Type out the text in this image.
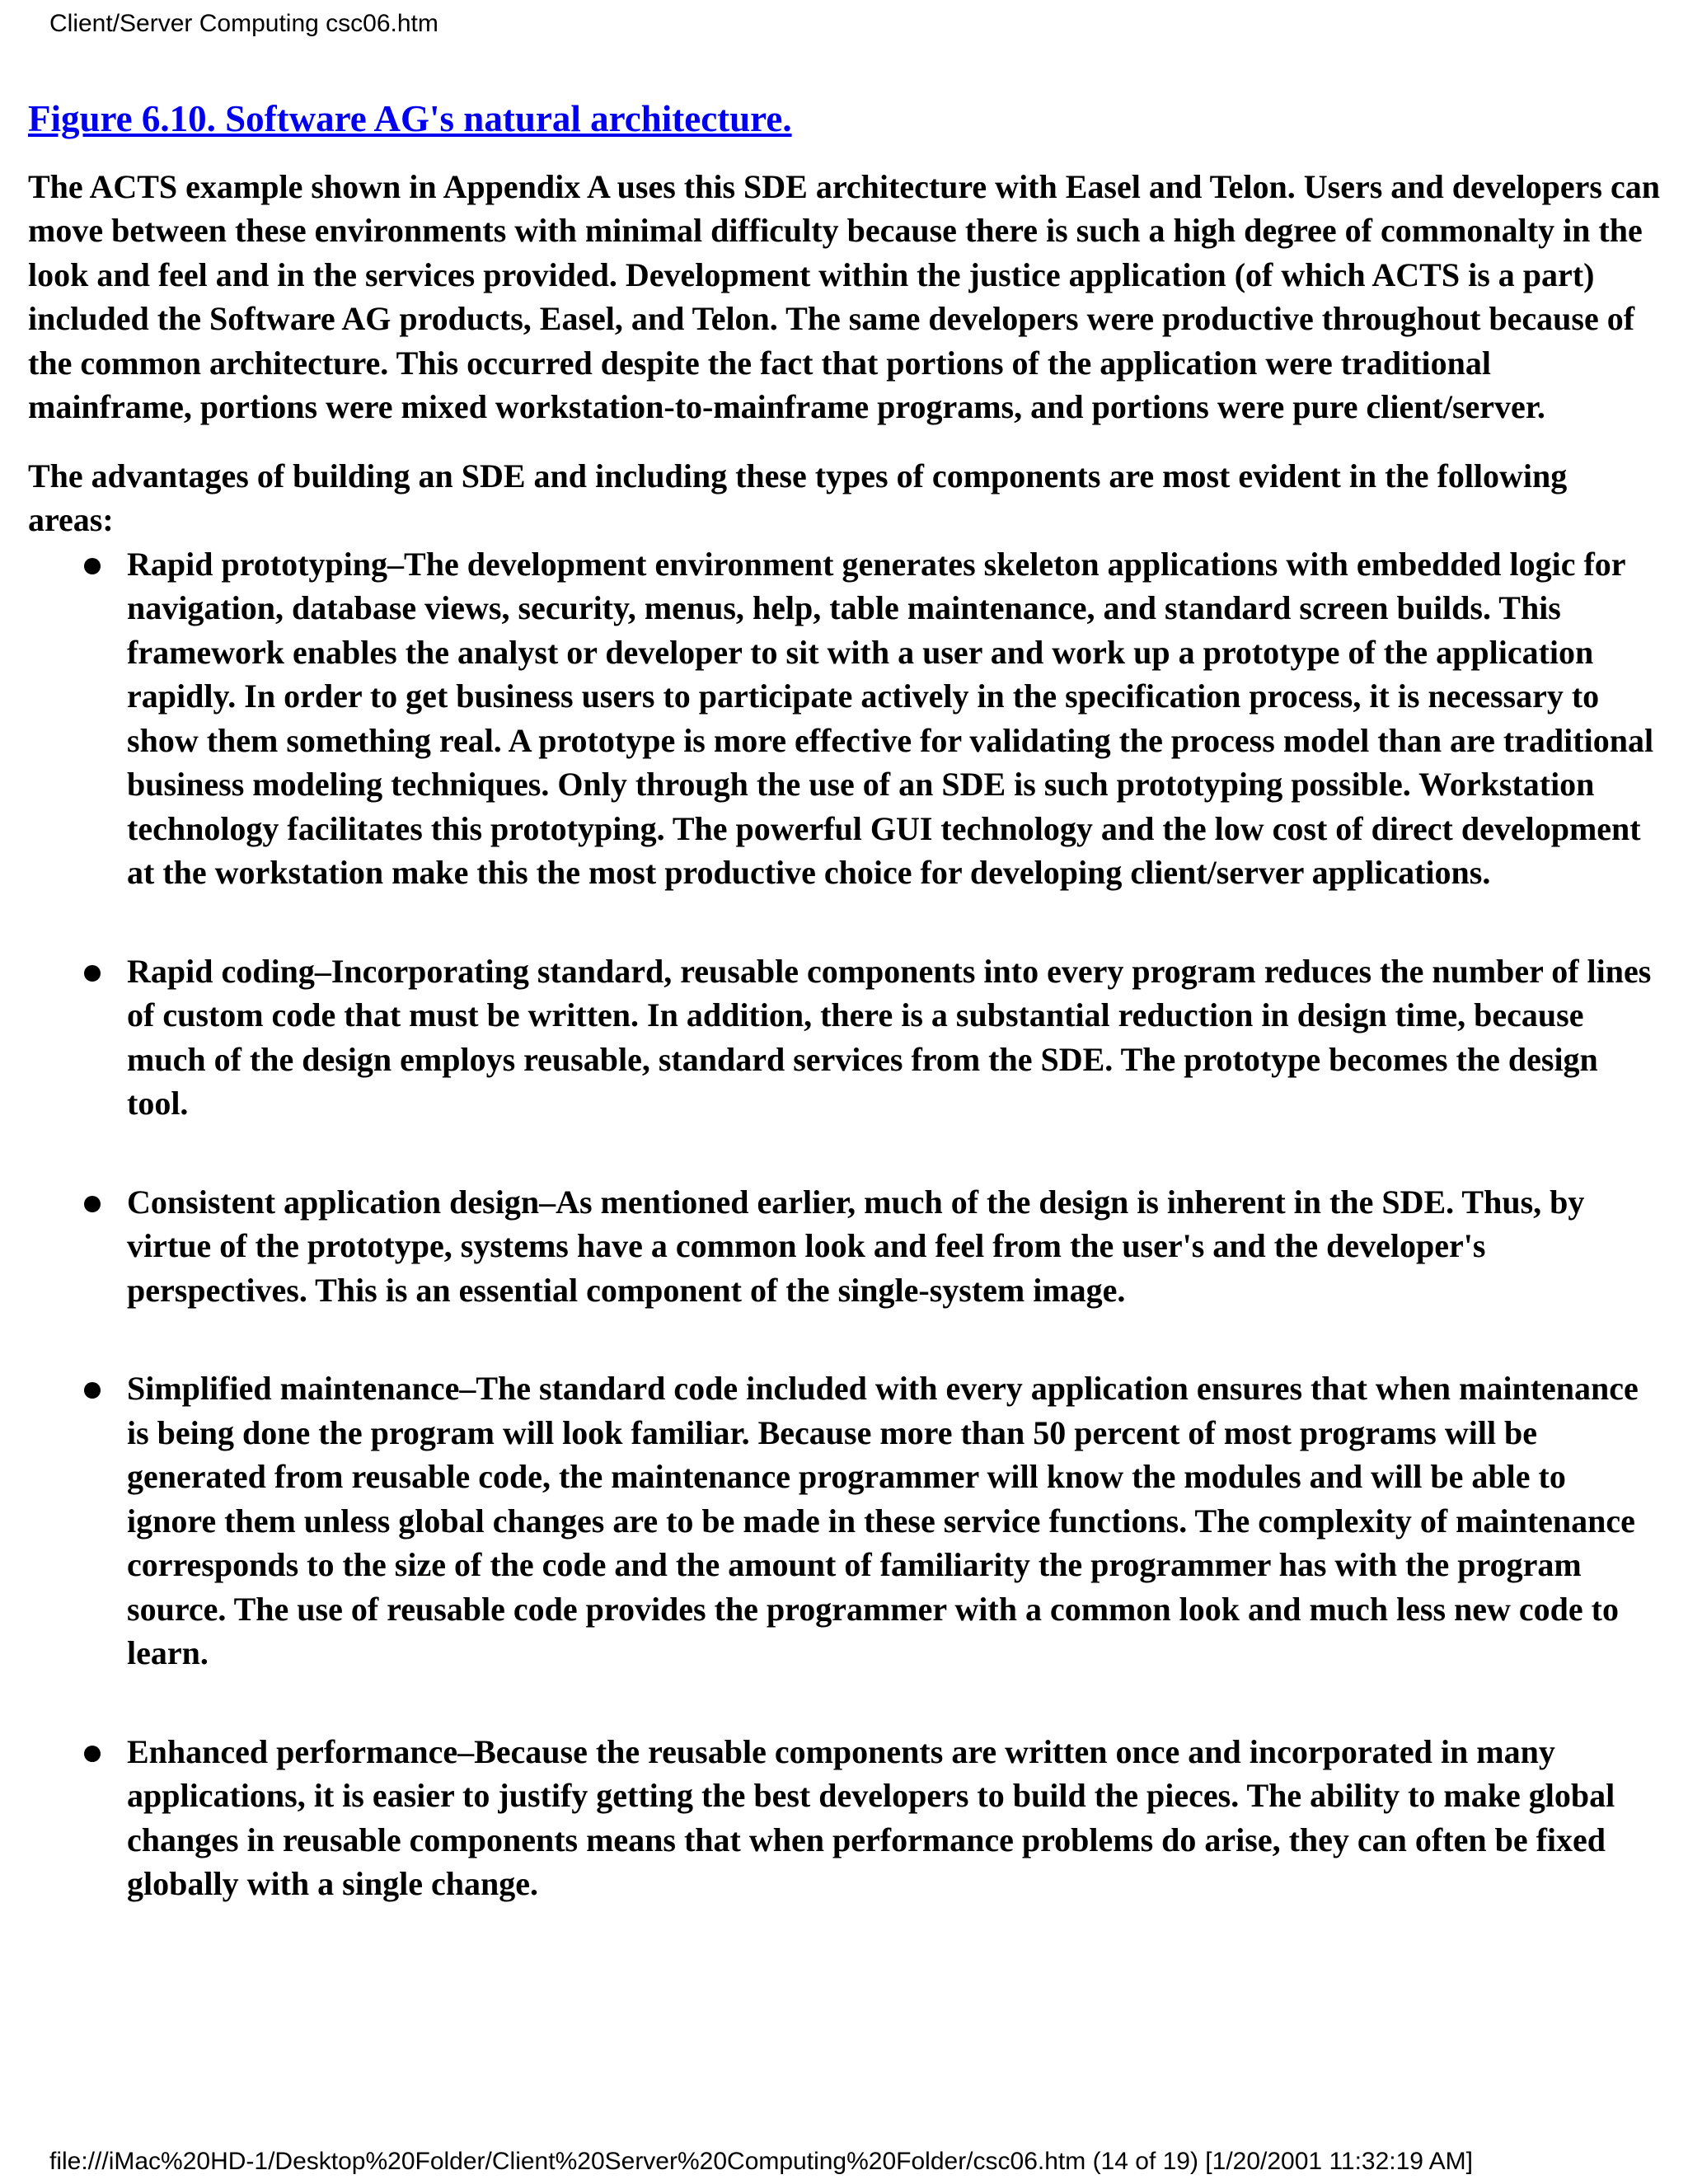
Client/Server Computing csc06.htm
Figure 6.10. Software AG's natural architecture.

The ACTS example shown in Appendix A uses this SDE architecture with Easel and Telon. Users and developers can move between these environments with minimal difficulty because there is such a high degree of commonalty in the look and feel and in the services provided. Development within the justice application (of which ACTS is a part) included the Software AG products, Easel, and Telon. The same developers were productive throughout because of the common architecture. This occurred despite the fact that portions of the application were traditional mainframe, portions were mixed workstation-to-mainframe programs, and portions were pure client/server.

The advantages of building an SDE and including these types of components are most evident in the following areas:

Rapid prototyping–The development environment generates skeleton applications with embedded logic for navigation, database views, security, menus, help, table maintenance, and standard screen builds. This framework enables the analyst or developer to sit with a user and work up a prototype of the application rapidly. In order to get business users to participate actively in the specification process, it is necessary to show them something real. A prototype is more effective for validating the process model than are traditional business modeling techniques. Only through the use of an SDE is such prototyping possible. Workstation technology facilitates this prototyping. The powerful GUI technology and the low cost of direct development at the workstation make this the most productive choice for developing client/server applications.
Rapid coding–Incorporating standard, reusable components into every program reduces the number of lines of custom code that must be written. In addition, there is a substantial reduction in design time, because much of the design employs reusable, standard services from the SDE. The prototype becomes the design tool.
Consistent application design–As mentioned earlier, much of the design is inherent in the SDE. Thus, by virtue of the prototype, systems have a common look and feel from the user's and the developer's perspectives. This is an essential component of the single-system image.
Simplified maintenance–The standard code included with every application ensures that when maintenance is being done the program will look familiar. Because more than 50 percent of most programs will be generated from reusable code, the maintenance programmer will know the modules and will be able to ignore them unless global changes are to be made in these service functions. The complexity of maintenance corresponds to the size of the code and the amount of familiarity the programmer has with the program source. The use of reusable code provides the programmer with a common look and much less new code to learn.
Enhanced performance–Because the reusable components are written once and incorporated in many applications, it is easier to justify getting the best developers to build the pieces. The ability to make global changes in reusable components means that when performance problems do arise, they can often be fixed globally with a single change.
file:///iMac%20HD-1/Desktop%20Folder/Client%20Server%20Computing%20Folder/csc06.htm (14 of 19) [1/20/2001 11:32:19 AM]
